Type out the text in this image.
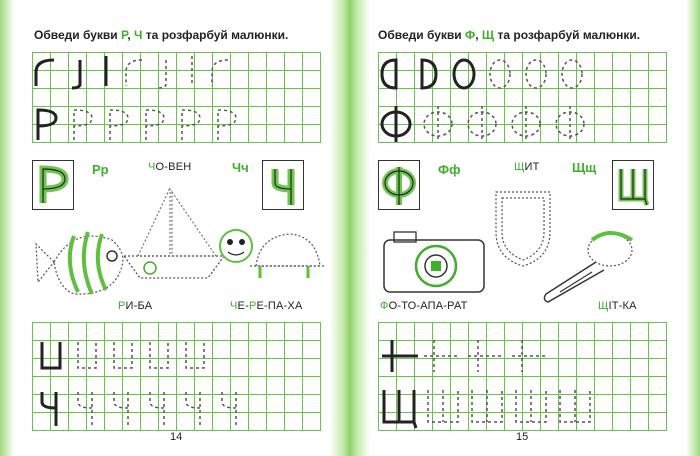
Обведи букви Р, Ч та розфарбуй малюнки.
Рр	ЧО-ВЕН	Чч
РИ-БА	ЧЕ-РЕ-ПА-ХА
14
Обведи букви Ф, Щ та розфарбуй малюнки.
Фф	ЩИТ Щщ
ФО-ТО-АПА-РАТ	ЩІТ-КА
15
